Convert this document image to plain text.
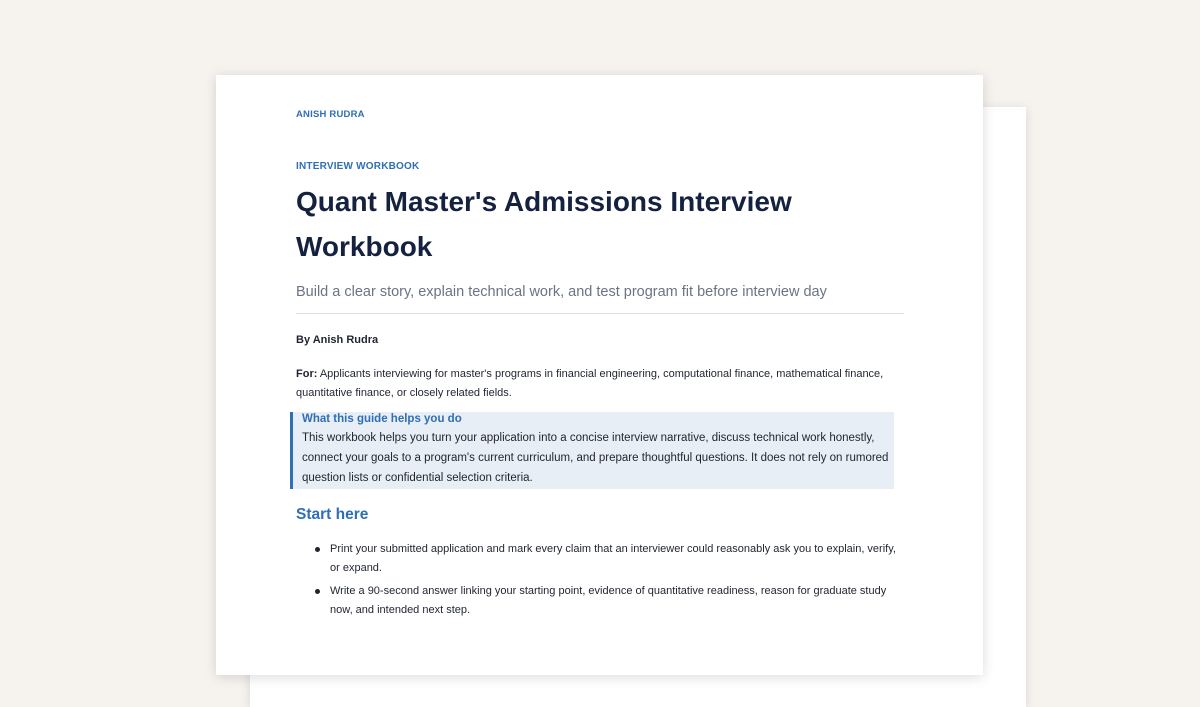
ANISH RUDRA
INTERVIEW WORKBOOK
Quant Master's Admissions Interview Workbook
Build a clear story, explain technical work, and test program fit before interview day
By Anish Rudra
For: Applicants interviewing for master's programs in financial engineering, computational finance, mathematical finance, quantitative finance, or closely related fields.
What this guide helps you do
This workbook helps you turn your application into a concise interview narrative, discuss technical work honestly, connect your goals to a program's current curriculum, and prepare thoughtful questions. It does not rely on rumored question lists or confidential selection criteria.
Start here
Print your submitted application and mark every claim that an interviewer could reasonably ask you to explain, verify, or expand.
Write a 90-second answer linking your starting point, evidence of quantitative readiness, reason for graduate study now, and intended next step.
